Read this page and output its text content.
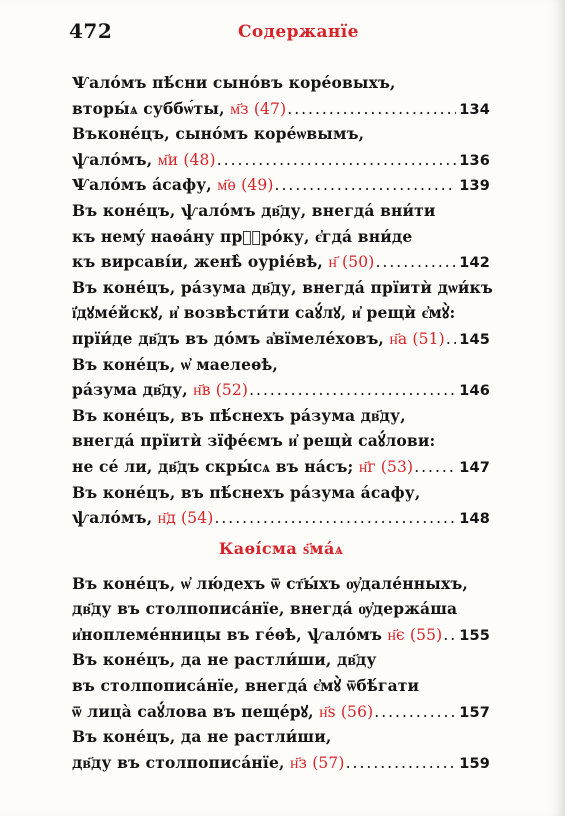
472	Содержанїе
Ѱалóмъ пѣ́сни сынóвъ корéовыхъ,
вторы́ѧ суббѡ́ты, м҃з (47) .....	134
Въконéцъ, сынóмъ корéѡвымъ,
ѱалóмъ, м҃и (48) .....	136
Ѱалóмъ а́сафу, м҃ѳ (49) .....	139
Въ конéцъ, ѱалóмъ дв҃ду, внегдá вни́ти
къ немý наѳáну прⷪ҇рóку, є҆гдá вни́де
къ вирсавíи, женѣ̀ оуріéвѣ, н҃ (50) .....	142
Въ конéцъ, рáзума дв҃ду, внегдá прїитѝ дѡи́къ
ї҆дꙋмéйскꙋ, и҆ возвѣсти́ти саꙋ́лꙋ, и҆ рещѝ є҆мꙋ̀:
прїи́де дв҃дъ въ дóмъ а҆вїмелéховъ, н҃а (51) ..... 145
Въ конéцъ, ѡ҆ маелеѳѣ,
рáзума дв҃ду, н҃в (52) .....	146
Въ конéцъ, въ пѣ́снехъ рáзума дв҃ду,
внегдá прїитѝ зїфéємъ и҆ рещѝ саꙋ́лови:
не сé ли, дв҃дъ скры́сѧ въ нáсъ; н҃г (53) .....	147
Въ конéцъ, въ пѣ́снехъ рáзума а́сафу,
ѱалóмъ, н҃д (54) .....	148
Каѳі́сма ѕ҃мáѧ
Въ конéцъ, ѡ҆ лю́дехъ ѿ ст҃ы́хъ ѹ҆далéнныхъ,
дв҃ду въ столпописáнїе, внегдá ѹ҆держáша
и҆ноплемéнницы въ гéѳѣ, ѱалóмъ н҃є (55) ..... 155
Въ конéцъ, да не растли́ши, дв҃ду
въ столпописáнїе, внегдá є҆мꙋ̀ ѿбѣ́гати
ѿ лица̀ саꙋ́лова въ пещéрꙋ, н҃ѕ (56) .....	157
Въ конéцъ, да не растли́ши,
дв҃ду въ столпописáнїе, н҃з (57) .....	159
